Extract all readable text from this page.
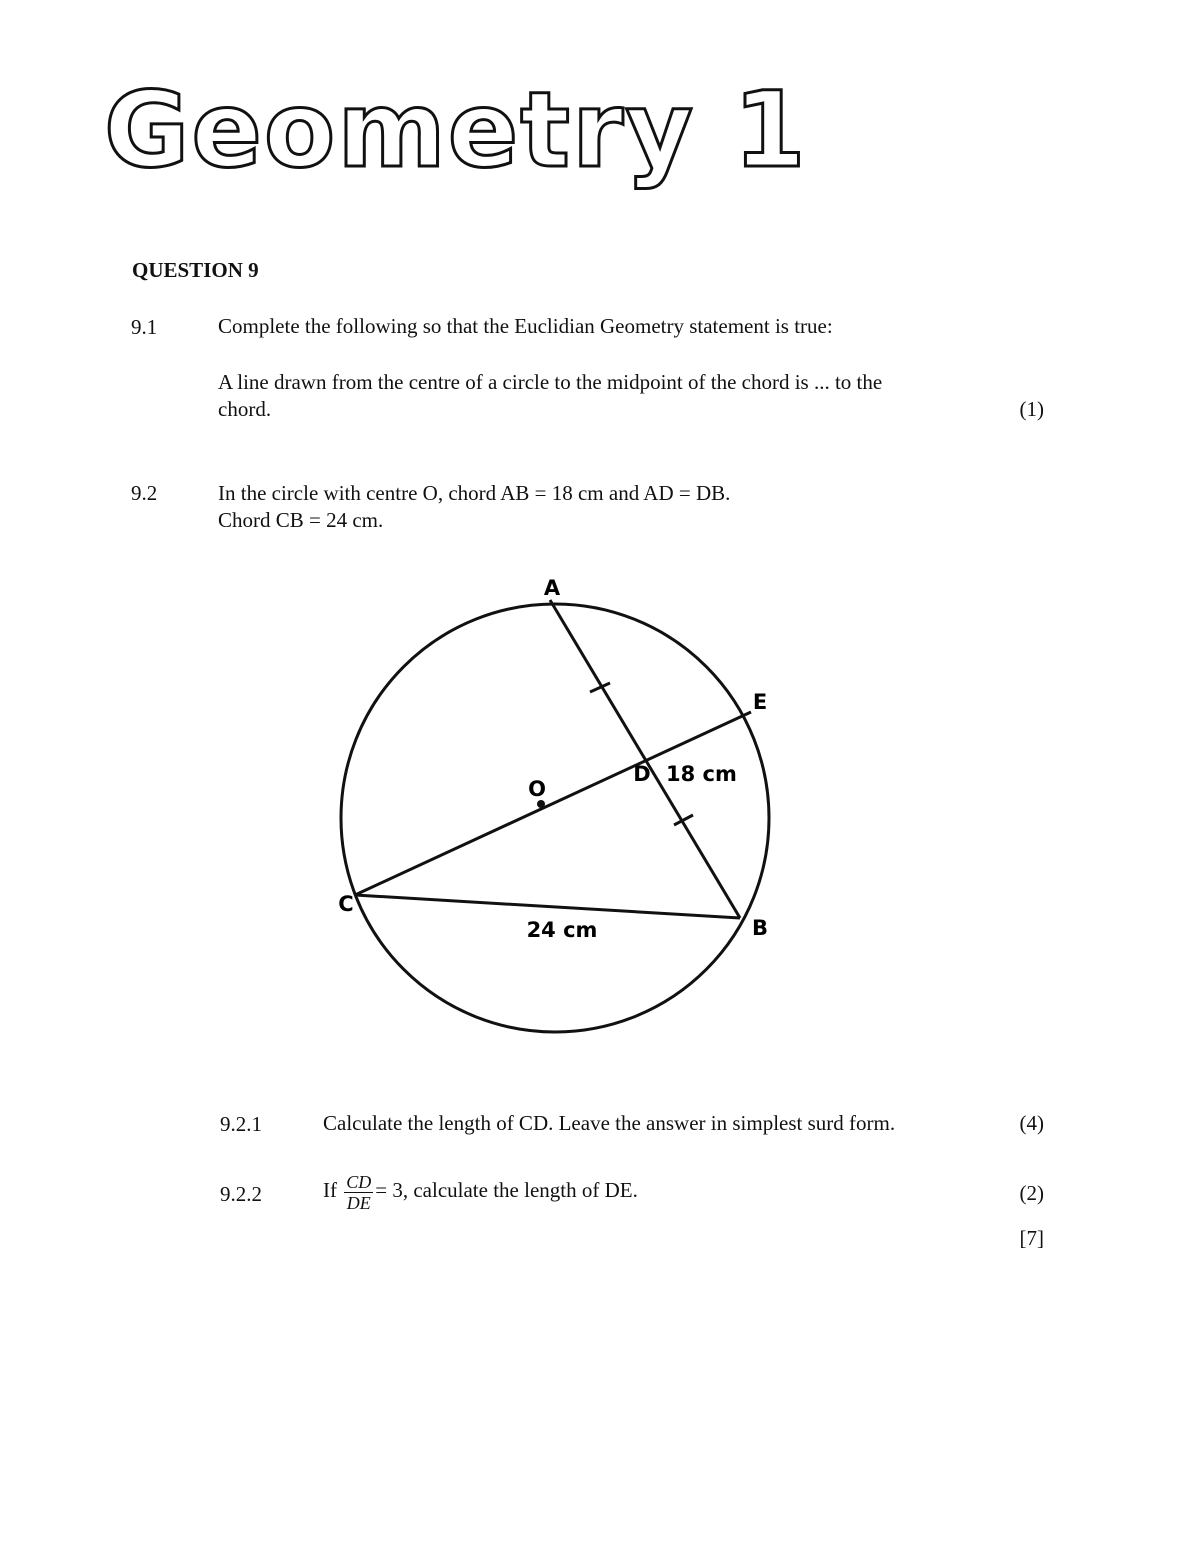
Geometry 1
QUESTION 9
9.1	Complete the following so that the Euclidian Geometry statement is true:
A line drawn from the centre of a circle to the midpoint of the chord is ... to the
chord.	(1)
9.2	In the circle with centre O, chord AB = 18 cm and AD = DB.
Chord CB = 24 cm.
A
E
D
O
C
B
18 cm
24 cm
9.2.1	Calculate the length of CD. Leave the answer in simplest surd form.	(4)
9.2.2	If $\frac{CD}{DE} = 3$, calculate the length of DE.	(2)
[7]
